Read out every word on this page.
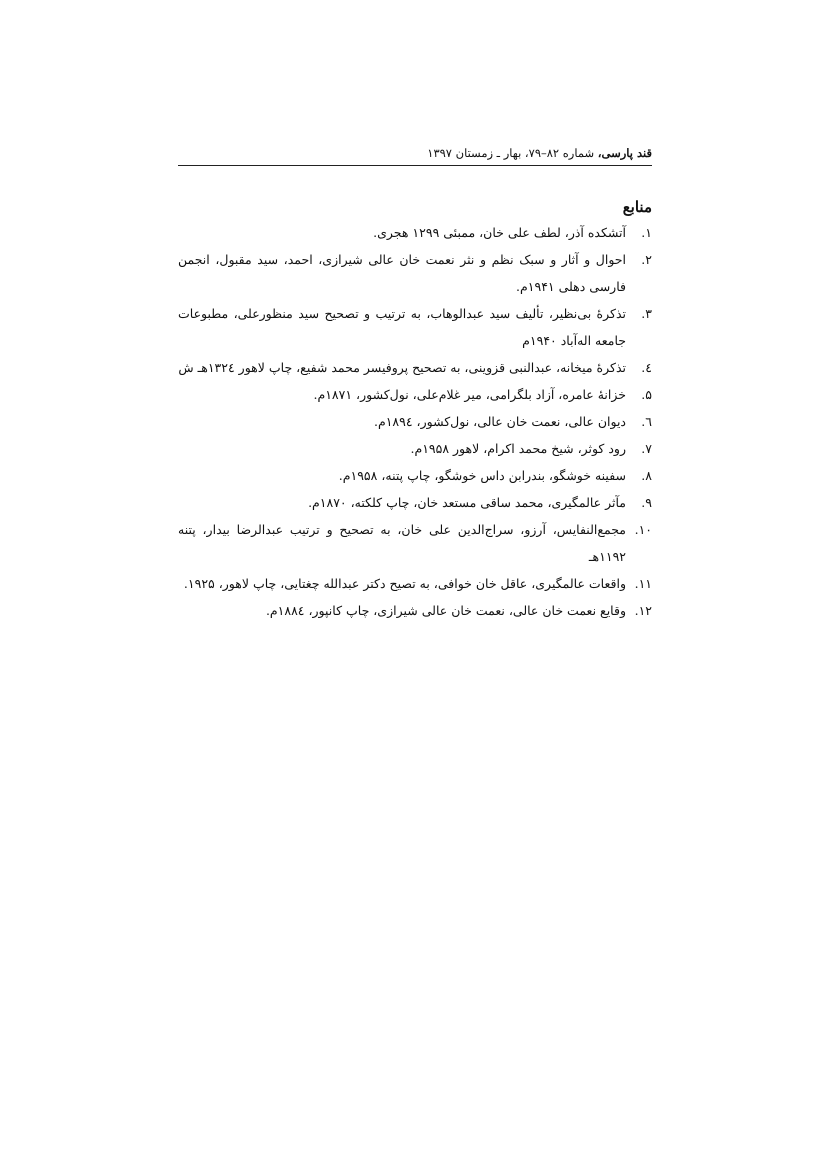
قند پارسی، شماره ۸۲–۷۹، بهار ـ زمستان ۱۳۹۷
منابع
۱.
آتشکده آذر، لطف علی خان، ممبئی ۱۲۹۹ هجری.
۲.
احوال و آثار و سبک نظم و نثر نعمت خان عالی شیرازی، احمد، سید مقبول، انجمن فارسی دهلی ۱۹۴۱م.
۳.
تذکرۀ بی‌نظیر، تألیف سید عبدالوهاب، به ترتیب و تصحیح سید منظورعلی، مطبوعات جامعه اله‌آباد ۱۹۴۰م
٤.
تذکرۀ میخانه، عبدالنبی قزوینی، به تصحیح پروفیسر محمد شفیع، چاپ لاهور ۱۳۲٤هـ ش
۵.
خزانۀ عامره، آزاد بلگرامی، میر غلام‌علی، نول‌کشور، ۱۸۷۱م.
٦.
دیوان عالی، نعمت خان عالی، نول‌کشور، ۱۸۹٤م.
۷.
رود کوثر، شیخ محمد اکرام، لاهور ۱۹۵۸م.
۸.
سفینه خوشگو، بندرابن داس خوشگو، چاپ پتنه، ۱۹۵۸م.
۹.
مآثر عالمگیری، محمد ساقی مستعد خان، چاپ کلکته، ۱۸۷۰م.
۱۰.
مجمع‌النفایس، آرزو، سراج‌الدین علی خان، به تصحیح و ترتیب عبدالرضا بیدار، پتنه ۱۱۹۲هـ
۱۱.
واقعات عالمگیری، عاقل خان خوافی، به تصیح دکتر عبدالله چغتایی، چاپ لاهور، ۱۹۲۵.
۱۲.
وقایع نعمت خان عالی، نعمت خان عالی شیرازی، چاپ کانپور، ۱۸۸٤م.
